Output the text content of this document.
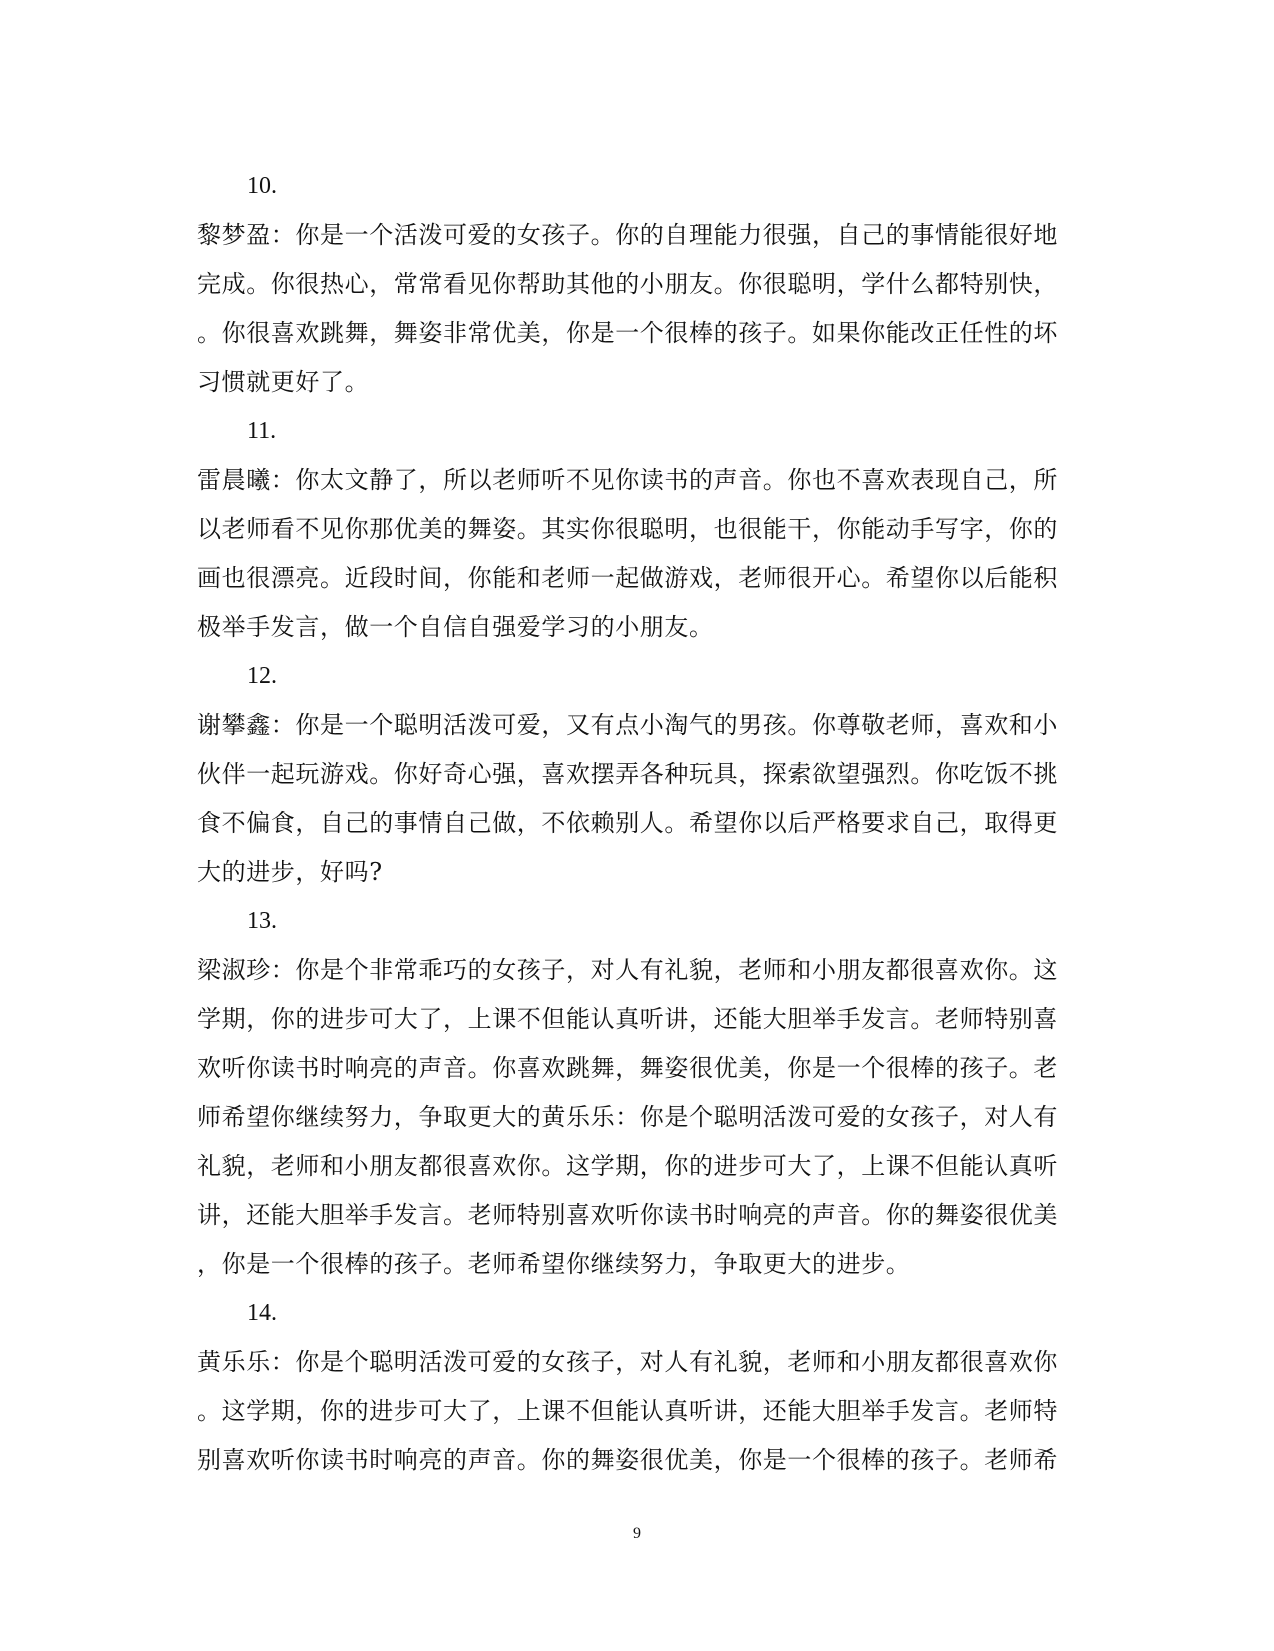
10.
黎梦盈：你是一个活泼可爱的女孩子。你的自理能力很强，自己的事情能很好地
完成。你很热心，常常看见你帮助其他的小朋友。你很聪明，学什么都特别快，
。你很喜欢跳舞，舞姿非常优美，你是一个很棒的孩子。如果你能改正任性的坏
习惯就更好了。
11.
雷晨曦：你太文静了，所以老师听不见你读书的声音。你也不喜欢表现自己，所
以老师看不见你那优美的舞姿。其实你很聪明，也很能干，你能动手写字，你的
画也很漂亮。近段时间，你能和老师一起做游戏，老师很开心。希望你以后能积
极举手发言，做一个自信自强爱学习的小朋友。
12.
谢攀鑫：你是一个聪明活泼可爱，又有点小淘气的男孩。你尊敬老师，喜欢和小
伙伴一起玩游戏。你好奇心强，喜欢摆弄各种玩具，探索欲望强烈。你吃饭不挑
食不偏食，自己的事情自己做，不依赖别人。希望你以后严格要求自己，取得更
大的进步，好吗?
13.
梁淑珍：你是个非常乖巧的女孩子，对人有礼貌，老师和小朋友都很喜欢你。这
学期，你的进步可大了，上课不但能认真听讲，还能大胆举手发言。老师特别喜
欢听你读书时响亮的声音。你喜欢跳舞，舞姿很优美，你是一个很棒的孩子。老
师希望你继续努力，争取更大的黄乐乐：你是个聪明活泼可爱的女孩子，对人有
礼貌，老师和小朋友都很喜欢你。这学期，你的进步可大了，上课不但能认真听
讲，还能大胆举手发言。老师特别喜欢听你读书时响亮的声音。你的舞姿很优美
，你是一个很棒的孩子。老师希望你继续努力，争取更大的进步。
14.
黄乐乐：你是个聪明活泼可爱的女孩子，对人有礼貌，老师和小朋友都很喜欢你
。这学期，你的进步可大了，上课不但能认真听讲，还能大胆举手发言。老师特
别喜欢听你读书时响亮的声音。你的舞姿很优美，你是一个很棒的孩子。老师希
9
